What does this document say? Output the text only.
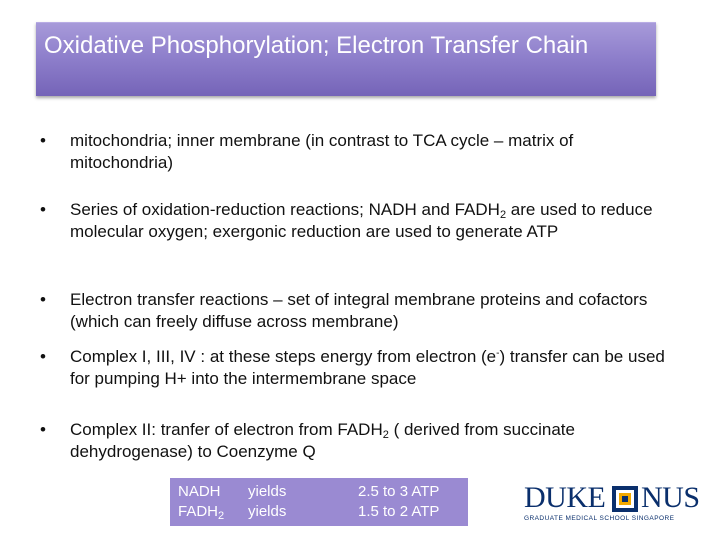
Oxidative Phosphorylation; Electron Transfer Chain
• mitochondria; inner membrane (in contrast to TCA cycle – matrix of mitochondria)
• Series of oxidation-reduction reactions; NADH and $FADH_2$ are used to reduce molecular oxygen; exergonic reduction are used to generate ATP
• Electron transfer reactions – set of integral membrane proteins and cofactors (which can freely diffuse across membrane)
• Complex I, III, IV : at these steps energy from electron (e-) transfer can be used for pumping H+ into the intermembrane space
• Complex II: tranfer of electron from $FADH_2$ ( derived from succinate dehydrogenase) to Coenzyme Q
NADH yields	2.5 to 3 ATP
$FADH_2$ yields	1.5 to 2 ATP	DUKE NUS
GRADUATE MEDICAL SCHOOL SINGAPORE
